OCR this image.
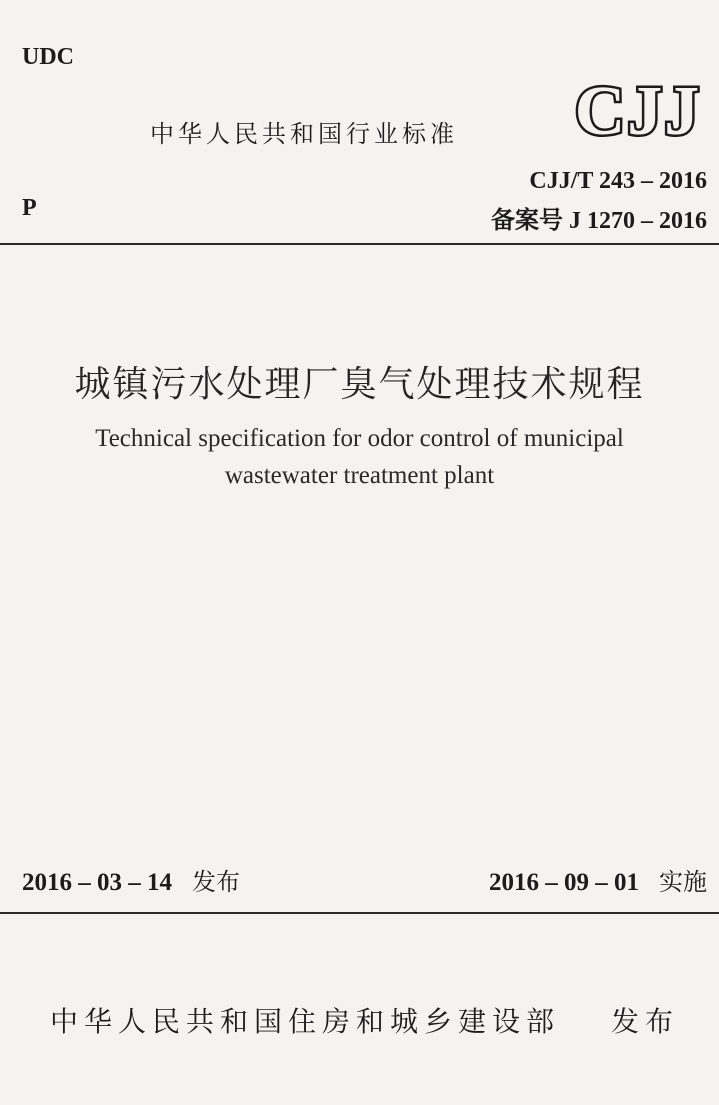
UDC
中华人民共和国行业标准 CJJ
CJJ/T 243 – 2016
备案号 J 1270 – 2016
P
城镇污水处理厂臭气处理技术规程
Technical specification for odor control of municipal
wastewater treatment plant
2016 – 03 – 14 发布	2016 – 09 – 01 实施
中华人民共和国住房和城乡建设部 发布
